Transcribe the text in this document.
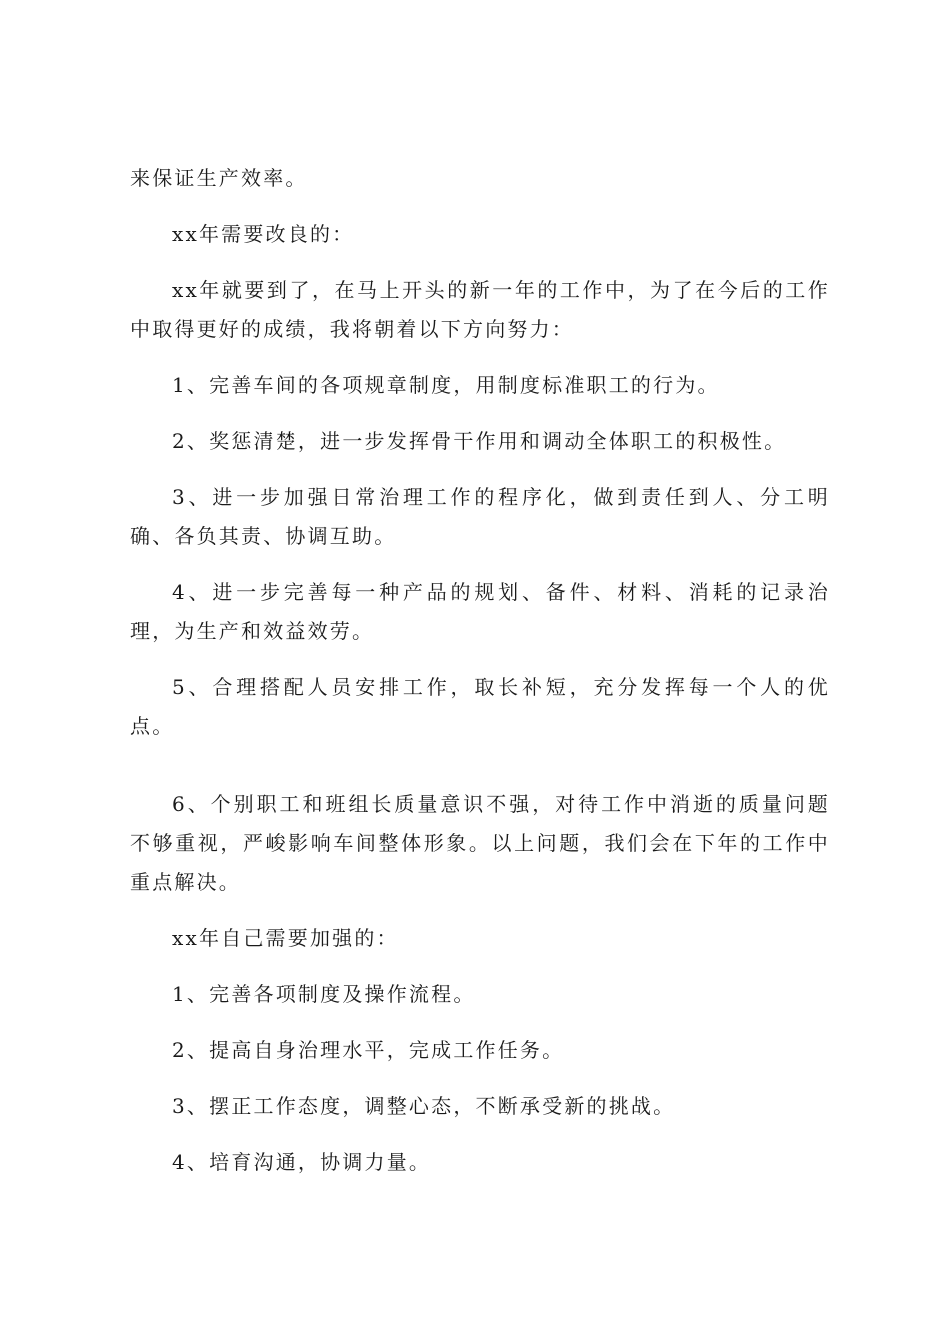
来保证生产效率。

xx年需要改良的：

xx年就要到了，在马上开头的新一年的工作中，为了在今后的工作中取得更好的成绩，我将朝着以下方向努力：

1、完善车间的各项规章制度，用制度标准职工的行为。

2、奖惩清楚，进一步发挥骨干作用和调动全体职工的积极性。

3、进一步加强日常治理工作的程序化，做到责任到人、分工明确、各负其责、协调互助。

4、进一步完善每一种产品的规划、备件、材料、消耗的记录治理，为生产和效益效劳。

5、合理搭配人员安排工作，取长补短，充分发挥每一个人的优点。

6、个别职工和班组长质量意识不强，对待工作中消逝的质量问题不够重视，严峻影响车间整体形象。以上问题，我们会在下年的工作中重点解决。

xx年自己需要加强的：

1、完善各项制度及操作流程。

2、提高自身治理水平，完成工作任务。

3、摆正工作态度，调整心态，不断承受新的挑战。

4、培育沟通，协调力量。
